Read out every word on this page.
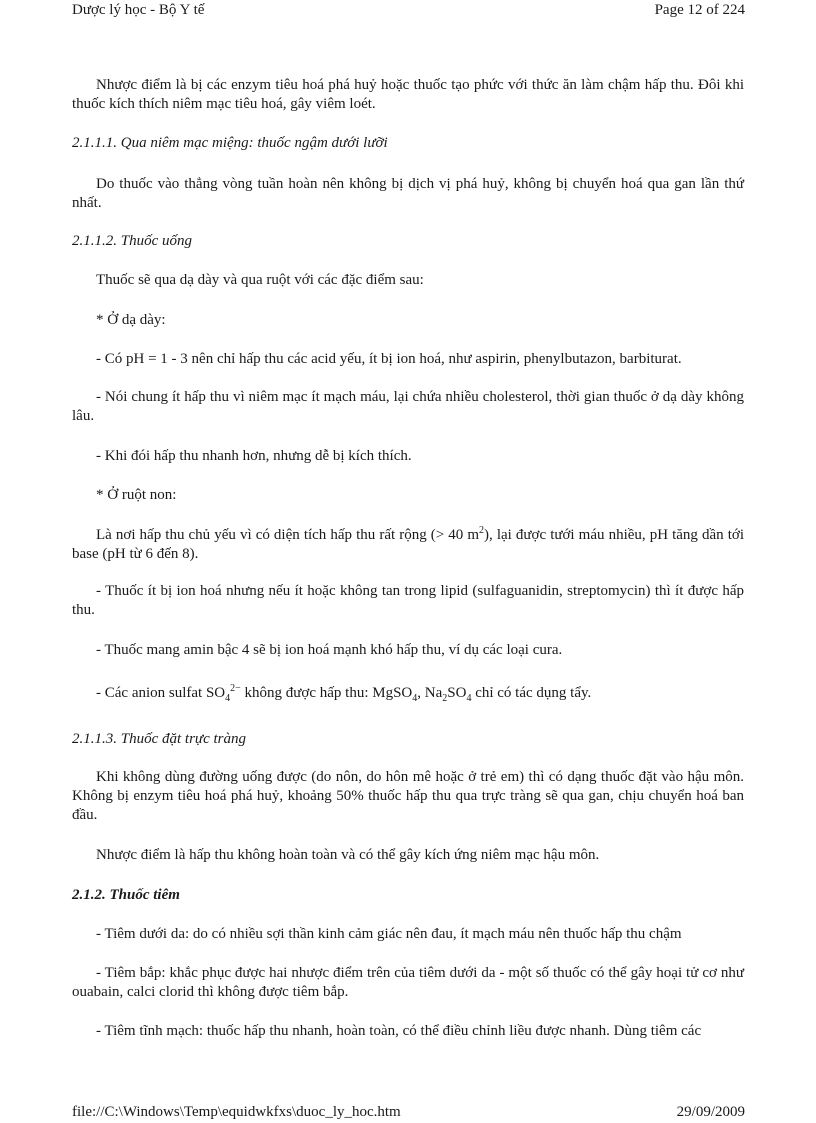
Dược lý học - Bộ Y tế	Page 12 of 224

Nhược điểm là bị các enzym tiêu hoá phá huỷ hoặc thuốc tạo phức với thức ăn làm chậm hấp thu. Đôi khi thuốc kích thích niêm mạc tiêu hoá, gây viêm loét.

2.1.1.1. Qua niêm mạc miệng: thuốc ngậm dưới lưỡi

Do thuốc vào thẳng vòng tuần hoàn nên không bị dịch vị phá huỷ, không bị chuyển hoá qua gan lần thứ nhất.

2.1.1.2. Thuốc uống

Thuốc sẽ qua dạ dày và qua ruột với các đặc điểm sau:

* Ở dạ dày:

- Có pH = 1 - 3 nên chỉ hấp thu các acid yếu, ít bị ion hoá, như aspirin, phenylbutazon, barbiturat.

- Nói chung ít hấp thu vì niêm mạc ít mạch máu, lại chứa nhiều cholesterol, thời gian thuốc ở dạ dày không lâu.

- Khi đói hấp thu nhanh hơn, nhưng dễ bị kích thích.

* Ở ruột non:

Là nơi hấp thu chủ yếu vì có diện tích hấp thu rất rộng (> 40 $m^2$), lại được tưới máu nhiều, pH tăng dần tới base (pH từ 6 đến 8).

- Thuốc ít bị ion hoá nhưng nếu ít hoặc không tan trong lipid (sulfaguanidin, streptomycin) thì ít được hấp thu.

- Thuốc mang amin bậc 4 sẽ bị ion hoá mạnh khó hấp thu, ví dụ các loại cura.

- Các anion sulfat $SO_4^{2-}$ không được hấp thu: MgSO$_4$, $Na_2SO_4$ chỉ có tác dụng tẩy.

2.1.1.3. Thuốc đặt trực tràng

Khi không dùng đường uống được (do nôn, do hôn mê hoặc ở trẻ em) thì có dạng thuốc đặt vào hậu môn. Không bị enzym tiêu hoá phá huỷ, khoảng 50% thuốc hấp thu qua trực tràng sẽ qua gan, chịu chuyển hoá ban đầu.

Nhược điểm là hấp thu không hoàn toàn và có thể gây kích ứng niêm mạc hậu môn.

2.1.2. Thuốc tiêm

- Tiêm dưới da: do có nhiều sợi thần kinh cảm giác nên đau, ít mạch máu nên thuốc hấp thu chậm

- Tiêm bắp: khắc phục được hai nhược điểm trên của tiêm dưới da - một số thuốc có thể gây hoại tử cơ như ouabain, calci clorid thì không được tiêm bắp.

- Tiêm tĩnh mạch: thuốc hấp thu nhanh, hoàn toàn, có thể điều chỉnh liều được nhanh. Dùng tiêm các

file://C:\Windows\Temp\equidwkfxs\duoc_ly_hoc.htm	29/09/2009
